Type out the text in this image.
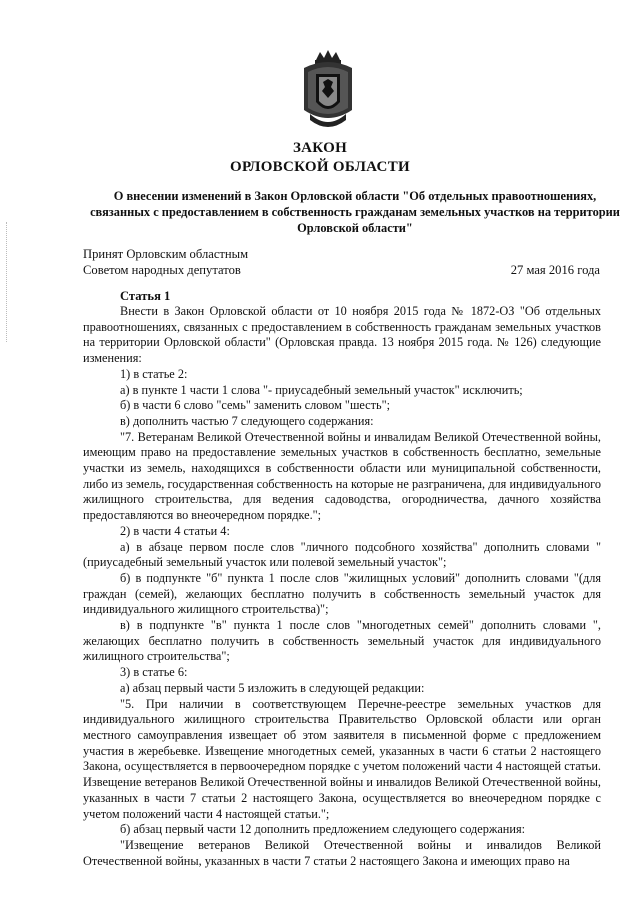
ЗАКОН
ОРЛОВСКОЙ ОБЛАСТИ
О внесении изменений в Закон Орловской области "Об отдельных правоотношениях, связанных с предоставлением в собственность гражданам земельных участков на территории Орловской области"
Принят Орловским областным
Советом народных депутатов	27 мая 2016 года
Статья 1

Внести в Закон Орловской области от 10 ноября 2015 года № 1872-ОЗ "Об отдельных правоотношениях, связанных с предоставлением в собственность гражданам земельных участков на территории Орловской области" (Орловская правда. 13 ноября 2015 года. № 126) следующие изменения:

1) в статье 2:

а) в пункте 1 части 1 слова "- приусадебный земельный участок" исключить;

б) в части 6 слово "семь" заменить словом "шесть";

в) дополнить частью 7 следующего содержания:

"7. Ветеранам Великой Отечественной войны и инвалидам Великой Отечественной войны, имеющим право на предоставление земельных участков в собственность бесплатно, земельные участки из земель, находящихся в собственности области или муниципальной собственности, либо из земель, государственная собственность на которые не разграничена, для индивидуального жилищного строительства, для ведения садоводства, огородничества, дачного хозяйства предоставляются во внеочередном порядке.";

2) в части 4 статьи 4:

а) в абзаце первом после слов "личного подсобного хозяйства" дополнить словами "(приусадебный земельный участок или полевой земельный участок";

б) в подпункте "б" пункта 1 после слов "жилищных условий" дополнить словами "(для граждан (семей), желающих бесплатно получить в собственность земельный участок для индивидуального жилищного строительства)";

в) в подпункте "в" пункта 1 после слов "многодетных семей" дополнить словами ", желающих бесплатно получить в собственность земельный участок для индивидуального жилищного строительства";

3) в статье 6:

а) абзац первый части 5 изложить в следующей редакции:

"5. При наличии в соответствующем Перечне-реестре земельных участков для индивидуального жилищного строительства Правительство Орловской области или орган местного самоуправления извещает об этом заявителя в письменной форме с предложением участия в жеребьевке. Извещение многодетных семей, указанных в части 6 статьи 2 настоящего Закона, осуществляется в первоочередном порядке с учетом положений части 4 настоящей статьи. Извещение ветеранов Великой Отечественной войны и инвалидов Великой Отечественной войны, указанных в части 7 статьи 2 настоящего Закона, осуществляется во внеочередном порядке с учетом положений части 4 настоящей статьи.";

б) абзац первый части 12 дополнить предложением следующего содержания:

"Извещение ветеранов Великой Отечественной войны и инвалидов Великой Отечественной войны, указанных в части 7 статьи 2 настоящего Закона и имеющих право на
